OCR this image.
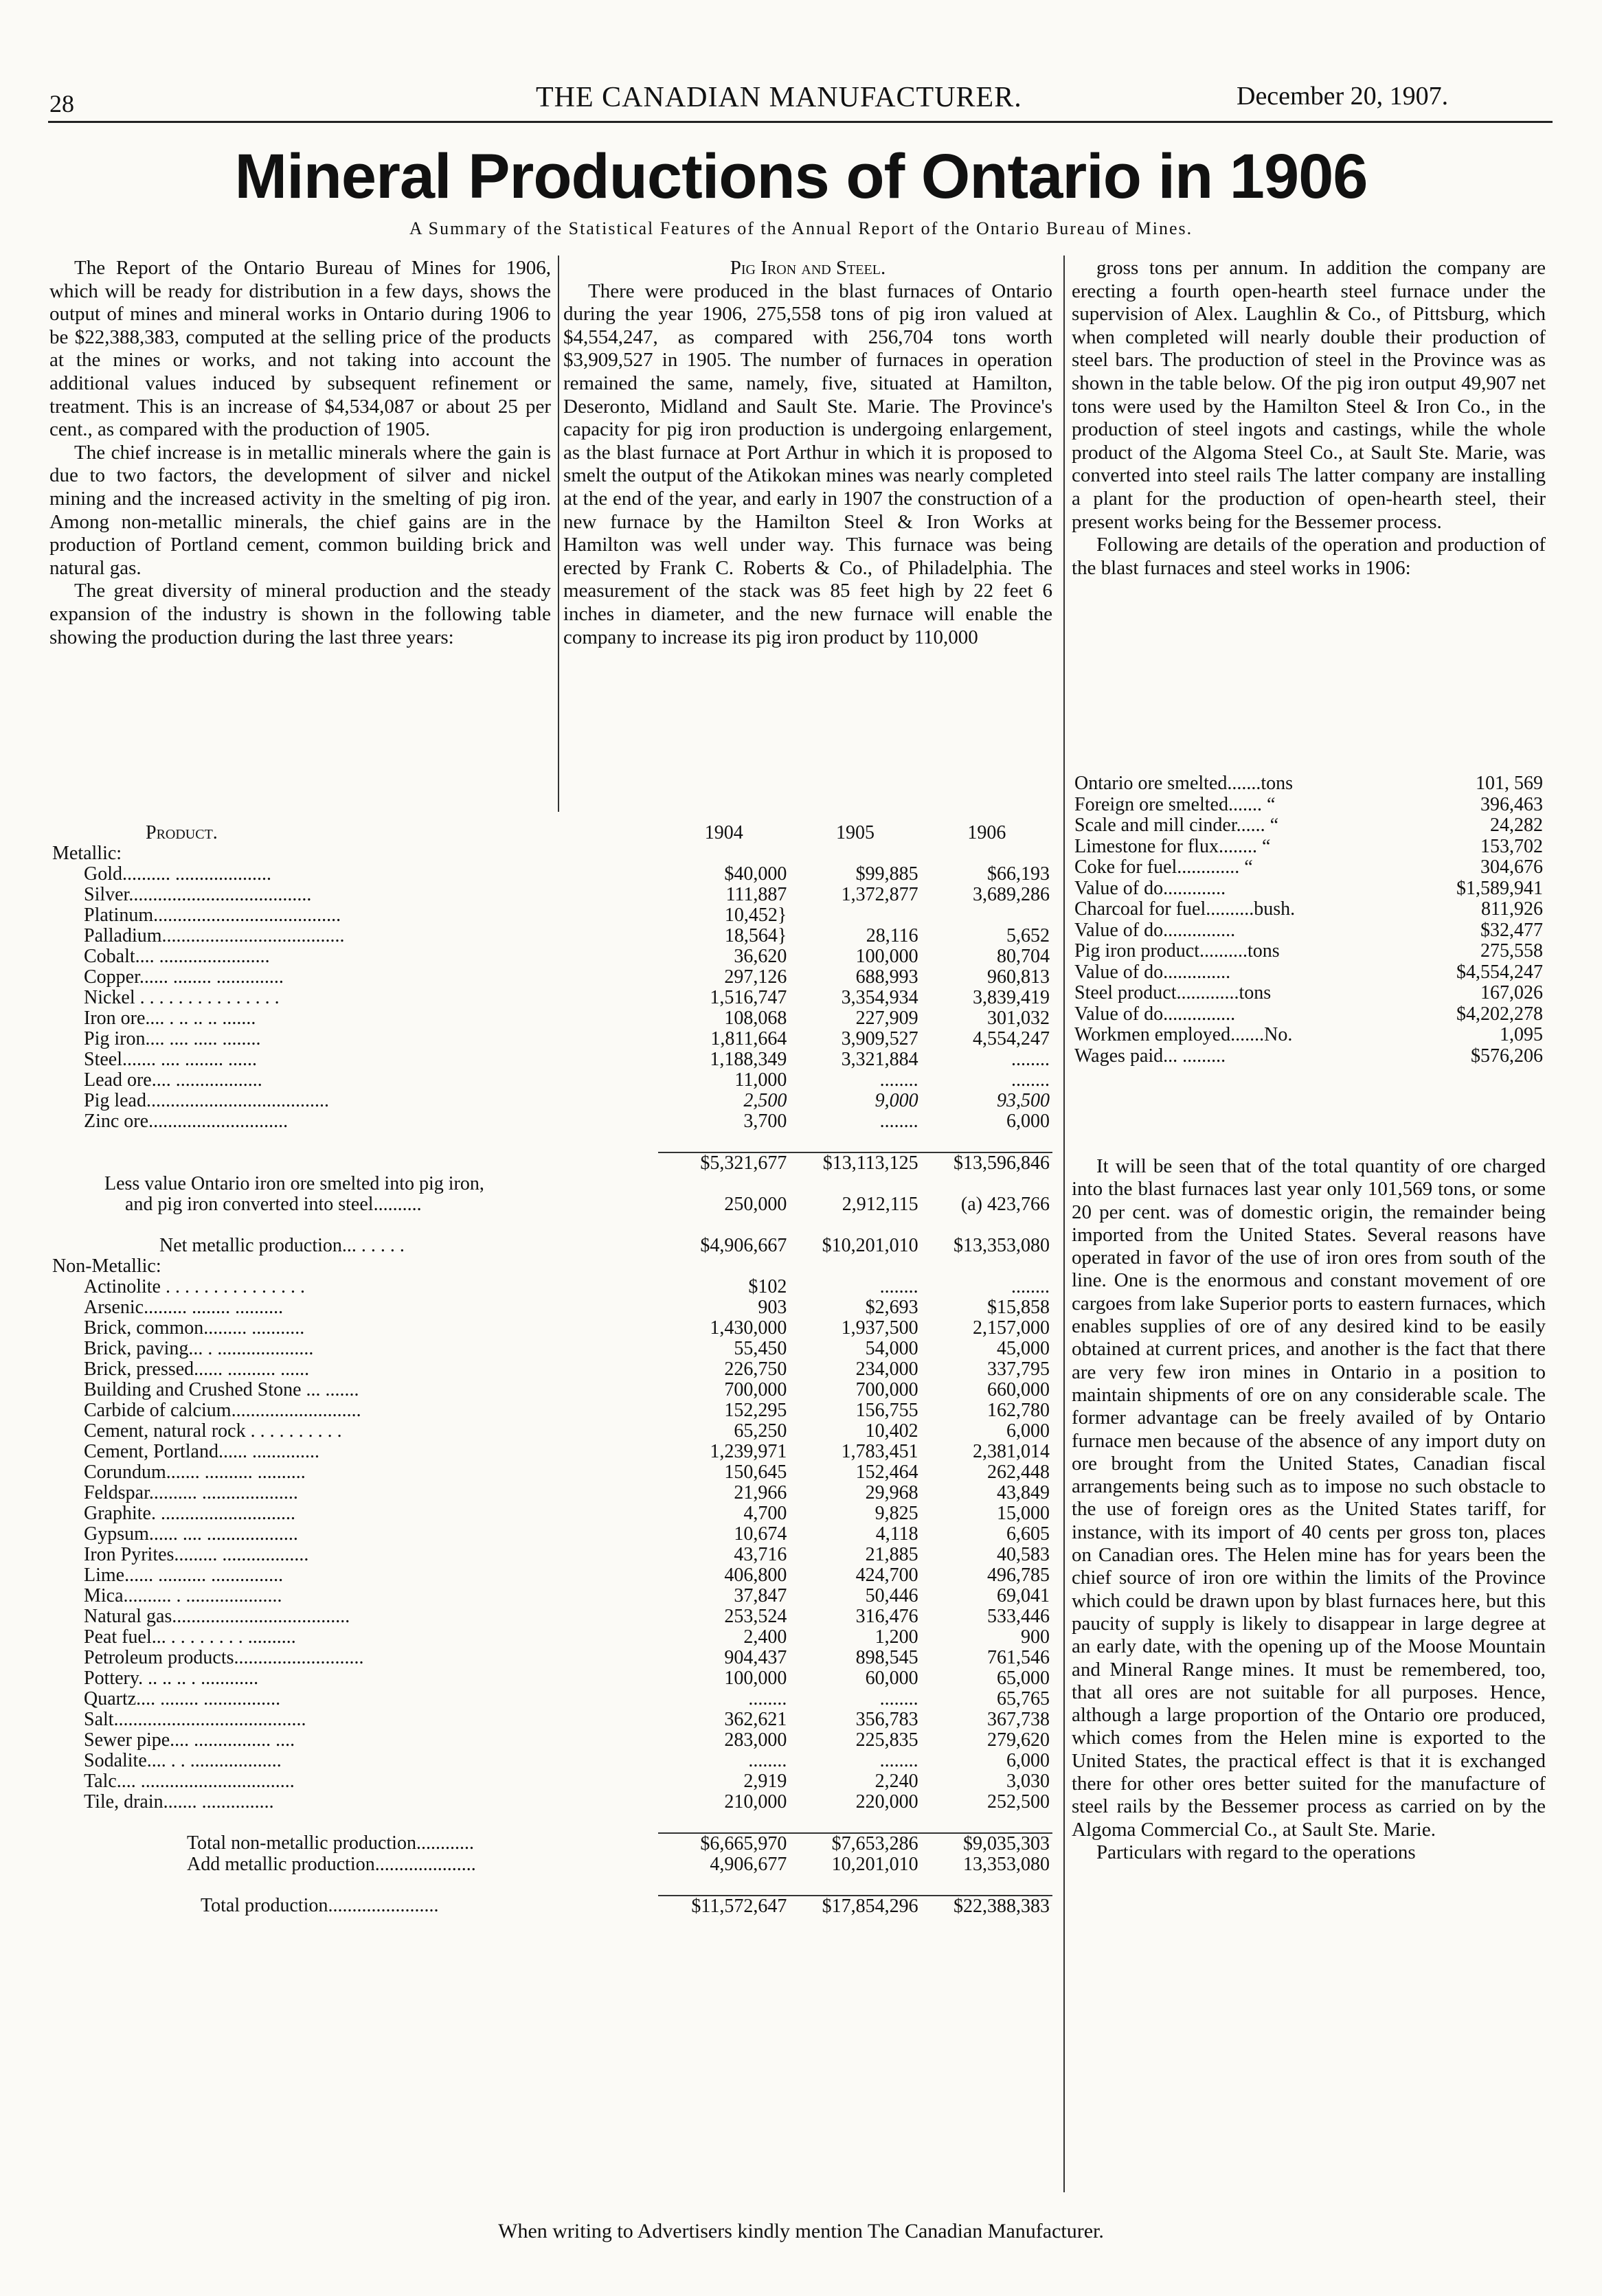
28	THE CANADIAN MANUFACTURER.	December 20, 1907.
Mineral Productions of Ontario in 1906
A Summary of the Statistical Features of the Annual Report of the Ontario Bureau of Mines.

The Report of the Ontario Bureau of Mines for 1906, which will be ready for distribution in a few days, shows the output of mines and mineral works in Ontario during 1906 to be $22,388,383, computed at the selling price of the products at the mines or works, and not taking into account the additional values induced by subsequent refinement or treatment. This is an increase of $4,534,087 or about 25 per cent., as compared with the production of 1905.

The chief increase is in metallic minerals where the gain is due to two factors, the development of silver and nickel mining and the increased activity in the smelting of pig iron. Among non-metallic minerals, the chief gains are in the production of Portland cement, common building brick and natural gas.

The great diversity of mineral production and the steady expansion of the industry is shown in the following table showing the production during the last three years:

Pig Iron and Steel.

There were produced in the blast furnaces of Ontario during the year 1906, 275,558 tons of pig iron valued at $4,554,247, as compared with 256,704 tons worth $3,909,527 in 1905. The number of furnaces in operation remained the same, namely, five, situated at Hamilton, Deseronto, Midland and Sault Ste. Marie. The Province's capacity for pig iron production is undergoing enlargement, as the blast furnace at Port Arthur in which it is proposed to smelt the output of the Atikokan mines was nearly completed at the end of the year, and early in 1907 the construction of a new furnace by the Hamilton Steel & Iron Works at Hamilton was well under way. This furnace was being erected by Frank C. Roberts & Co., of Philadelphia. The measurement of the stack was 85 feet high by 22 feet 6 inches in diameter, and the new furnace will enable the company to increase its pig iron product by 110,000

gross tons per annum. In addition the company are erecting a fourth open-hearth steel furnace under the supervision of Alex. Laughlin & Co., of Pittsburg, which when completed will nearly double their production of steel bars. The production of steel in the Province was as shown in the table below. Of the pig iron output 49,907 net tons were used by the Hamilton Steel & Iron Co., in the production of steel ingots and castings, while the whole product of the Algoma Steel Co., at Sault Ste. Marie, was converted into steel rails The latter company are installing a plant for the production of open-hearth steel, their present works being for the Bessemer process.

Following are details of the operation and production of the blast furnaces and steel works in 1906:

Ontario ore smelted.......tons	101, 569
Foreign ore smelted....... “	396,463
Scale and mill cinder...... “	24,282
Limestone for flux........ “	153,702
Coke for fuel............. “	304,676
Value of do.............	$1,589,941
Charcoal for fuel..........bush.	811,926
Value of do...............	$32,477
Pig iron product..........tons	275,558
Value of do..............	$4,554,247
Steel product.............tons	167,026
Value of do...............	$4,202,278
Workmen employed.......No.	1,095
Wages paid... .........	$576,206

It will be seen that of the total quantity of ore charged into the blast furnaces last year only 101,569 tons, or some 20 per cent. was of domestic origin, the remainder being imported from the United States. Several reasons have operated in favor of the use of iron ores from south of the line. One is the enormous and constant movement of ore cargoes from lake Superior ports to eastern furnaces, which enables supplies of ore of any desired kind to be easily obtained at current prices, and another is the fact that there are very few iron mines in Ontario in a position to maintain shipments of ore on any considerable scale. The former advantage can be freely availed of by Ontario furnace men because of the absence of any import duty on ore brought from the United States, Canadian fiscal arrangements being such as to impose no such obstacle to the use of foreign ores as the United States tariff, for instance, with its import of 40 cents per gross ton, places on Canadian ores. The Helen mine has for years been the chief source of iron ore within the limits of the Province which could be drawn upon by blast furnaces here, but this paucity of supply is likely to disappear in large degree at an early date, with the opening up of the Moose Mountain and Mineral Range mines. It must be remembered, too, that all ores are not suitable for all purposes. Hence, although a large proportion of the Ontario ore produced, which comes from the Helen mine is exported to the United States, the practical effect is that it is exchanged there for other ores better suited for the manufacture of steel rails by the Bessemer process as carried on by the Algoma Commercial Co., at Sault Ste. Marie.

Particulars with regard to the operations

Product.	1904	1905	1906
Metallic:			
Gold.......... ....................	$40,000	$99,885	$66,193
Silver......................................	111,887	1,372,877	3,689,286
Platinum.......................................	10,452}		
Palladium......................................	18,564}	28,116	5,652
Cobalt.... .......................	36,620	100,000	80,704
Copper...... ........ ..............	297,126	688,993	960,813
Nickel . . . . . . . . . . . . . . .	1,516,747	3,354,934	3,839,419
Iron ore.... . .. .. .. .......	108,068	227,909	301,032
Pig iron.... .... ..... ........	1,811,664	3,909,527	4,554,247
Steel....... .... ........ ......	1,188,349	3,321,884	........
Lead ore.... ..................	11,000	........	........
Pig lead......................................	2,500	9,000	93,500
Zinc ore.............................	3,700	........	6,000

	$5,321,677	$13,113,125	$13,596,846
Less value Ontario iron ore smelted into pig iron,			
and pig iron converted into steel..........	250,000	2,912,115	(a) 423,766

Net metallic production... . . . . .	$4,906,667	$10,201,010	$13,353,080
Non-Metallic:			
Actinolite . . . . . . . . . . . . . . .	$102	........	........
Arsenic......... ........ ..........	903	$2,693	$15,858
Brick, common......... ...........	1,430,000	1,937,500	2,157,000
Brick, paving... . ....................	55,450	54,000	45,000
Brick, pressed...... .......... ......	226,750	234,000	337,795
Building and Crushed Stone ... .......	700,000	700,000	660,000
Carbide of calcium...........................	152,295	156,755	162,780
Cement, natural rock . . . . . . . . . .	65,250	10,402	6,000
Cement, Portland...... ..............	1,239,971	1,783,451	2,381,014
Corundum....... .......... ..........	150,645	152,464	262,448
Feldspar.......... ....................	21,966	29,968	43,849
Graphite. ............................	4,700	9,825	15,000
Gypsum...... .... ...................	10,674	4,118	6,605
Iron Pyrites......... ..................	43,716	21,885	40,583
Lime...... .......... ...............	406,800	424,700	496,785
Mica.......... . ....................	37,847	50,446	69,041
Natural gas.....................................	253,524	316,476	533,446
Peat fuel... . . . . . . . . ..........	2,400	1,200	900
Petroleum products...........................	904,437	898,545	761,546
Pottery. .. .. .. . ............	100,000	60,000	65,000
Quartz.... ........ ................	........	........	65,765
Salt........................................	362,621	356,783	367,738
Sewer pipe.... ................ ....	283,000	225,835	279,620
Sodalite.... . . ...................	........	........	6,000
Talc.... ................................	2,919	2,240	3,030
Tile, drain....... ...............	210,000	220,000	252,500

Total non-metallic production............	$6,665,970	$7,653,286	$9,035,303
Add metallic production.....................	4,906,677	10,201,010	13,353,080

Total production.......................	$11,572,647	$17,854,296	$22,388,383
When writing to Advertisers kindly mention The Canadian Manufacturer.
